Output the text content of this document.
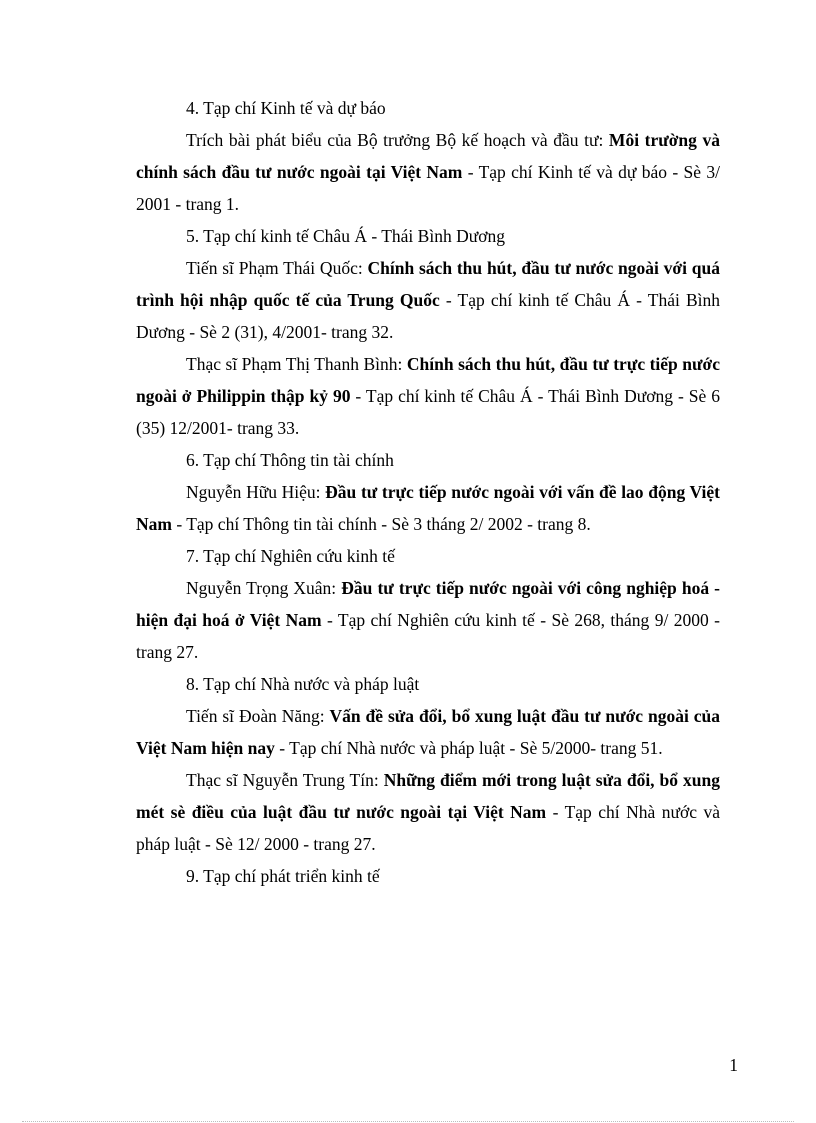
4. Tạp chí Kinh tế và dự báo

Trích bài phát biểu của Bộ trưởng Bộ kế hoạch và đầu tư: Môi trường và chính sách đầu tư nước ngoài tại Việt Nam - Tạp chí Kinh tế và dự báo - Sè 3/ 2001 - trang 1.

5. Tạp chí kinh tế Châu Á - Thái Bình Dương

Tiến sĩ Phạm Thái Quốc: Chính sách thu hút, đầu tư nước ngoài với quá trình hội nhập quốc tế của Trung Quốc - Tạp chí kinh tế Châu Á - Thái Bình Dương - Sè 2 (31), 4/2001- trang 32.

Thạc sĩ Phạm Thị Thanh Bình: Chính sách thu hút, đầu tư trực tiếp nước ngoài ở Philippin thập kỷ 90 - Tạp chí kinh tế Châu Á - Thái Bình Dương - Sè 6 (35) 12/2001- trang 33.

6. Tạp chí Thông tin tài chính

Nguyễn Hữu Hiệu: Đầu tư trực tiếp nước ngoài với vấn đề lao động Việt Nam - Tạp chí Thông tin tài chính - Sè 3 tháng 2/ 2002 - trang 8.

7. Tạp chí Nghiên cứu kinh tế

Nguyễn Trọng Xuân: Đầu tư trực tiếp nước ngoài với công nghiệp hoá - hiện đại hoá ở Việt Nam - Tạp chí Nghiên cứu kinh tế - Sè 268, tháng 9/ 2000 - trang 27.

8. Tạp chí Nhà nước và pháp luật

Tiến sĩ Đoàn Năng: Vấn đề sửa đổi, bổ xung luật đầu tư nước ngoài của Việt Nam hiện nay - Tạp chí Nhà nước và pháp luật - Sè 5/2000- trang 51.

Thạc sĩ Nguyễn Trung Tín: Những điểm mới trong luật sửa đổi, bổ xung mét sè điều của luật đầu tư nước ngoài tại Việt Nam - Tạp chí Nhà nước và pháp luật - Sè 12/ 2000 - trang 27.

9. Tạp chí phát triển kinh tế

1
